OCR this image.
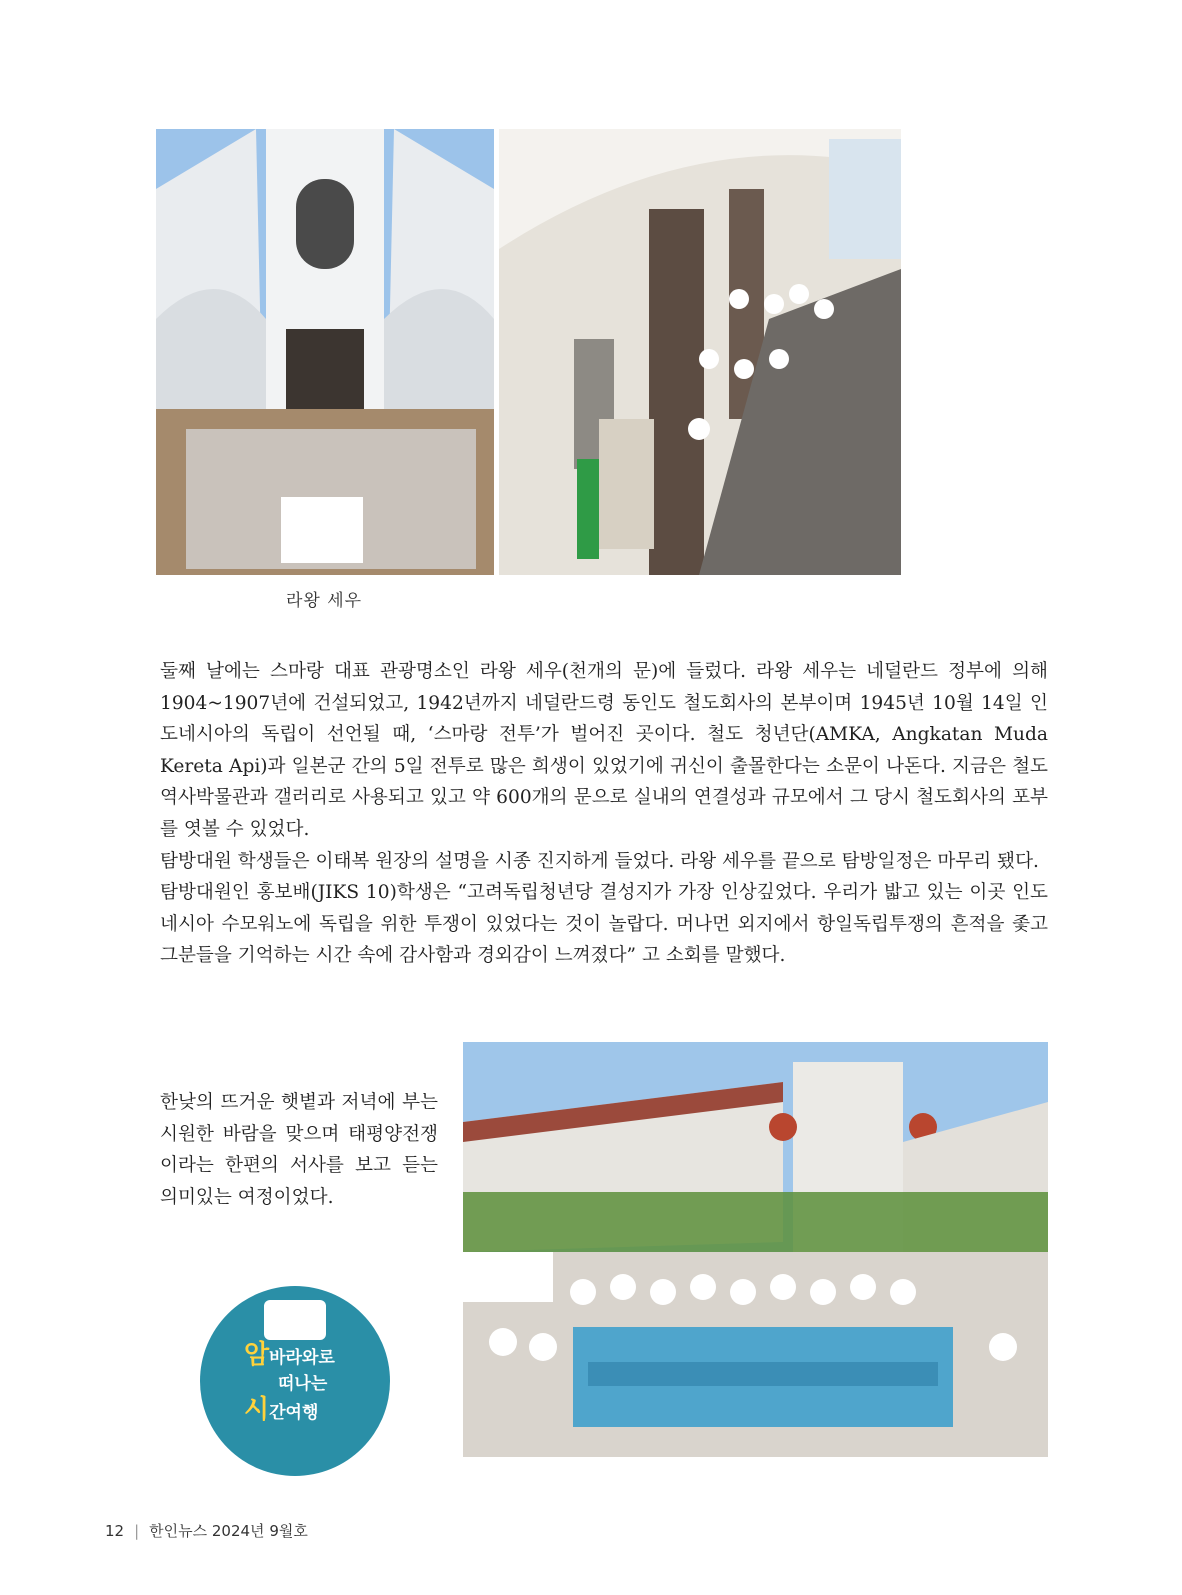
라왕 세우

둘째 날에는 스마랑 대표 관광명소인 라왕 세우(천개의 문)에 들렀다. 라왕 세우는 네덜란드 정부에 의해 1904~1907년에 건설되었고, 1942년까지 네덜란드령 동인도 철도회사의 본부이며 1945년 10월 14일 인도네시아의 독립이 선언될 때, ‘스마랑 전투’가 벌어진 곳이다. 철도 청년단(AMKA, Angkatan Muda Kereta Api)과 일본군 간의 5일 전투로 많은 희생이 있었기에 귀신이 출몰한다는 소문이 나돈다. 지금은 철도 역사박물관과 갤러리로 사용되고 있고 약 600개의 문으로 실내의 연결성과 규모에서 그 당시 철도회사의 포부를 엿볼 수 있었다.

탐방대원 학생들은 이태복 원장의 설명을 시종 진지하게 들었다. 라왕 세우를 끝으로 탐방일정은 마무리 됐다.

탐방대원인 홍보배(JIKS 10)학생은 “고려독립청년당 결성지가 가장 인상깊었다. 우리가 밟고 있는 이곳 인도네시아 수모워노에 독립을 위한 투쟁이 있었다는 것이 놀랍다. 머나먼 외지에서 항일독립투쟁의 흔적을 좇고 그분들을 기억하는 시간 속에 감사함과 경외감이 느껴졌다” 고 소회를 말했다.

한낮의 뜨거운 햇볕과 저녁에 부는 시원한 바람을 맞으며 태평양전쟁이라는 한편의 서사를 보고 듣는 의미있는 여정이었다.
암바라와로
떠나는
시간여행
12 | 한인뉴스 2024년 9월호
